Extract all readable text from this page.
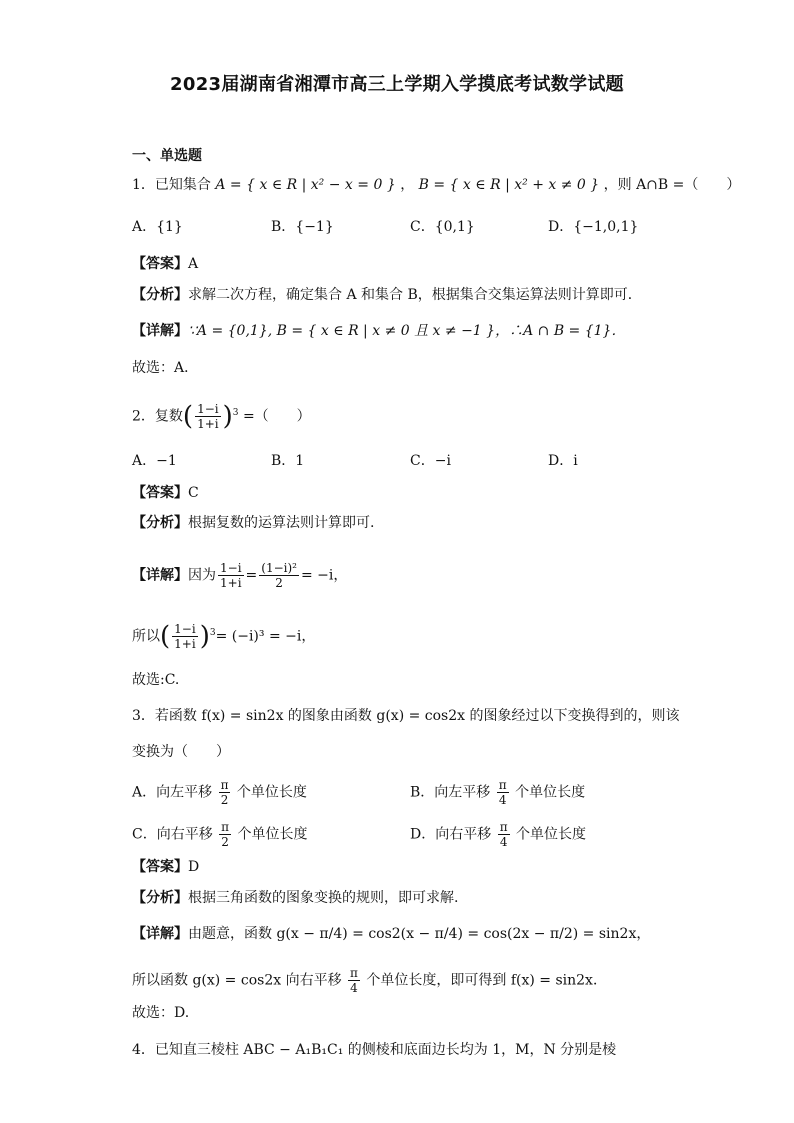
2023届湖南省湘潭市高三上学期入学摸底考试数学试题
一、单选题
1．已知集合 A = { x ∈ R | x² − x = 0 } ， B = { x ∈ R | x² + x ≠ 0 } ，则 A∩B =（　　）
A．{1}	B．{−1}	C．{0,1}	D．{−1,0,1}
【答案】A
【分析】求解二次方程，确定集合 A 和集合 B，根据集合交集运算法则计算即可．
【详解】∵A = {0,1}, B = { x ∈ R | x ≠ 0 且 x ≠ −1 }，∴A ∩ B = {1}．
故选：A．
2．复数( $\frac{1-i}{1+i} )^3$ =（　　）
A．−1	B．1	C．−i	D．i
【答案】C
【分析】根据复数的运算法则计算即可.
【详解】因为 $\frac{1-i}{1+i} = \frac{\text{(1−i)²}}{2} = -i$，
所以( $\frac{1-i}{1+i} )^3= (-i)^3 = -i$，
故选:C.
3．若函数 f(x) = sin2x 的图象由函数 g(x) = cos2x 的图象经过以下变换得到的，则该
变换为（　　）
A．向左平移 $\frac{\pi}{2}$ 个单位长度	B．向左平移 $\frac{\pi}{4}$ 个单位长度
C．向右平移 $\frac{\pi}{2}$ 个单位长度	D．向右平移 $\frac{\pi}{4}$ 个单位长度
【答案】D
【分析】根据三角函数的图象变换的规则，即可求解.
【详解】由题意，函数 g(x − π/4) = cos2(x − π/4) = cos(2x − π/2) = sin2x，
所以函数 g(x) = cos2x 向右平移 $\frac{\pi}{4}$ 个单位长度，即可得到 f(x) = sin2x．
故选：D.
4．已知直三棱柱 ABC − A₁B₁C₁ 的侧棱和底面边长均为 1，M，N 分别是棱
